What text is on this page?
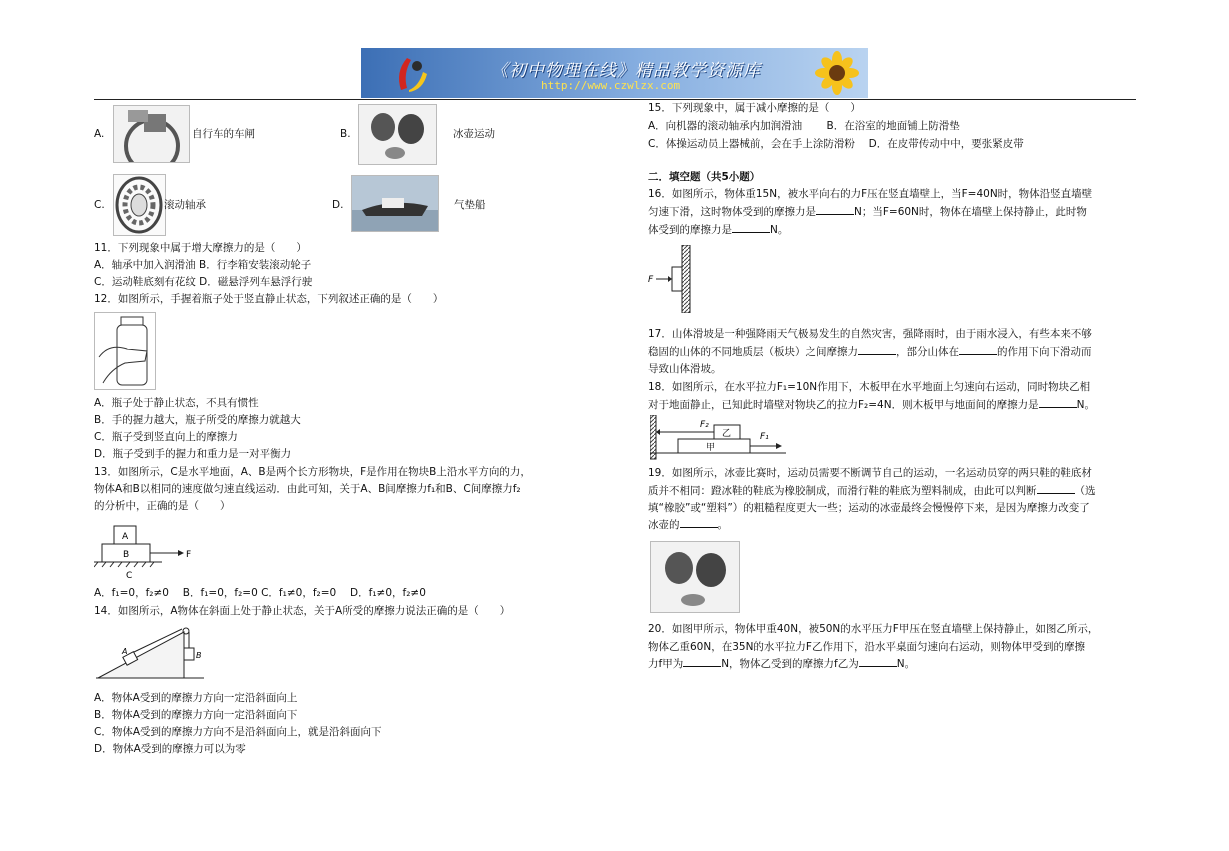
《初中物理在线》精品教学资源库
http://www.czwlzx.com
A.	自行车的车闸	B.	冰壶运动
C.	滚动轴承	D.	气垫船
11．下列现象中属于增大摩擦力的是（　　）
A．轴承中加入润滑油 B．行李箱安装滚动轮子
C．运动鞋底刻有花纹 D．磁悬浮列车悬浮行驶
12．如图所示，手握着瓶子处于竖直静止状态，下列叙述正确的是（　　）
A．瓶子处于静止状态，不具有惯性
B．手的握力越大，瓶子所受的摩擦力就越大
C．瓶子受到竖直向上的摩擦力
D．瓶子受到手的握力和重力是一对平衡力
13．如图所示，C是水平地面，A、B是两个长方形物块，F是作用在物块B上沿水平方向的力，
物体A和B以相同的速度做匀速直线运动．由此可知，关于A、B间摩擦力f₁和B、C间摩擦力f₂
的分析中，正确的是（　　）
A
B
C
F
A．f₁=0，f₂≠0　 B．f₁=0，f₂=0 C．f₁≠0，f₂=0　 D．f₁≠0，f₂≠0
14．如图所示，A物体在斜面上处于静止状态，关于A所受的摩擦力说法正确的是（　　）
A	B
A．物体A受到的摩擦力方向一定沿斜面向上
B．物体A受到的摩擦力方向一定沿斜面向下
C．物体A受到的摩擦力方向不是沿斜面向上，就是沿斜面向下
D．物体A受到的摩擦力可以为零
15．下列现象中，属于减小摩擦的是（　　）
A．向机器的滚动轴承内加润滑油　　 B．在浴室的地面铺上防滑垫
C．体操运动员上器械前，会在手上涂防滑粉　 D．在皮带传动中中，要张紧皮带
二．填空题（共5小题）
16．如图所示，物体重15N，被水平向右的力F压在竖直墙壁上，当F=40N时，物体沿竖直墙壁
匀速下滑，这时物体受到的摩擦力是	N；当F=60N时，物体在墙壁上保持静止，此时物
体受到的摩擦力是	N。
F
17．山体滑坡是一种强降雨天气极易发生的自然灾害，强降雨时，由于雨水浸入，有些本来不够
稳固的山体的不同地质层（板块）之间摩擦力	，部分山体在	的作用下向下滑动而
导致山体滑坡。
18．如图所示，在水平拉力F₁=10N作用下，木板甲在水平地面上匀速向右运动，同时物块乙相
对于地面静止，已知此时墙壁对物块乙的拉力F₂=4N．则木板甲与地面间的摩擦力是	N。
F₂
乙
甲
F₁
19．如图所示，冰壶比赛时，运动员需要不断调节自己的运动，一名运动员穿的两只鞋的鞋底材
质并不相同：蹬冰鞋的鞋底为橡胶制成，而滑行鞋的鞋底为塑料制成，由此可以判断	（选
填“橡胶”或“塑料”）的粗糙程度更大一些；运动的冰壶最终会慢慢停下来，是因为摩擦力改变了
冰壶的	。
20．如图甲所示，物体甲重40N，被50N的水平压力F甲压在竖直墙壁上保持静止，如图乙所示，
物体乙重60N，在35N的水平拉力F乙作用下，沿水平桌面匀速向右运动，则物体甲受到的摩擦
力f甲为	N，物体乙受到的摩擦力f乙为	N。
